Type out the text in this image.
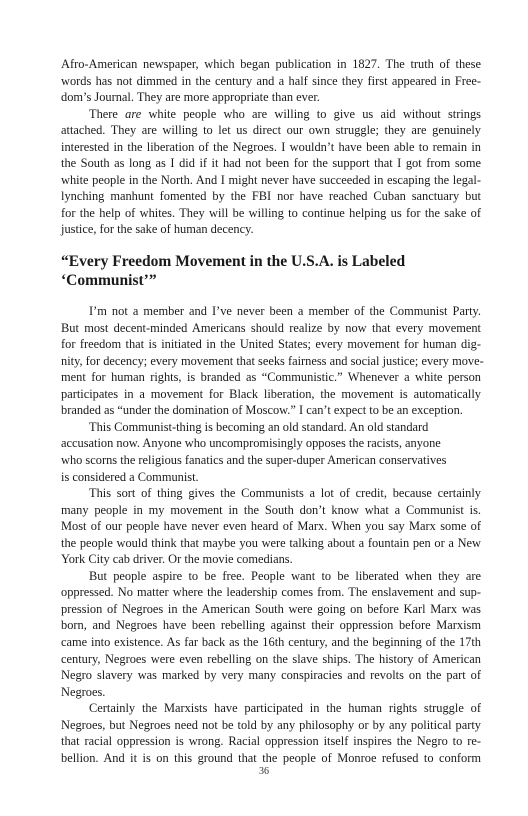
Afro-American newspaper, which began publication in 1827. The truth of these
words has not dimmed in the century and a half since they first appeared in Free-
dom’s Journal. They are more appropriate than ever.
There are white people who are willing to give us aid without strings
attached. They are willing to let us direct our own struggle; they are genuinely
interested in the liberation of the Negroes. I wouldn’t have been able to remain in
the South as long as I did if it had not been for the support that I got from some
white people in the North. And I might never have succeeded in escaping the legal-
lynching manhunt fomented by the FBI nor have reached Cuban sanctuary but
for the help of whites. They will be willing to continue helping us for the sake of
justice, for the sake of human decency.
“Every Freedom Movement in the U.S.A. is Labeled
‘Communist’”
I’m not a member and I’ve never been a member of the Communist Party.
But most decent-minded Americans should realize by now that every movement
for freedom that is initiated in the United States; every movement for human dig-
nity, for decency; every movement that seeks fairness and social justice; every move-
ment for human rights, is branded as “Communistic.” Whenever a white person
participates in a movement for Black liberation, the movement is automatically
branded as “under the domination of Moscow.” I can’t expect to be an exception.
This Communist-thing is becoming an old standard. An old standard
accusation now. Anyone who uncompromisingly opposes the racists, anyone
who scorns the religious fanatics and the super-duper American conservatives
is considered a Communist.
This sort of thing gives the Communists a lot of credit, because certainly
many people in my movement in the South don’t know what a Communist is.
Most of our people have never even heard of Marx. When you say Marx some of
the people would think that maybe you were talking about a fountain pen or a New
York City cab driver. Or the movie comedians.
But people aspire to be free. People want to be liberated when they are
oppressed. No matter where the leadership comes from. The enslavement and sup-
pression of Negroes in the American South were going on before Karl Marx was
born, and Negroes have been rebelling against their oppression before Marxism
came into existence. As far back as the 16th century, and the beginning of the 17th
century, Negroes were even rebelling on the slave ships. The history of American
Negro slavery was marked by very many conspiracies and revolts on the part of
Negroes.
Certainly the Marxists have participated in the human rights struggle of
Negroes, but Negroes need not be told by any philosophy or by any political party
that racial oppression is wrong. Racial oppression itself inspires the Negro to re-
bellion. And it is on this ground that the people of Monroe refused to conform
36
